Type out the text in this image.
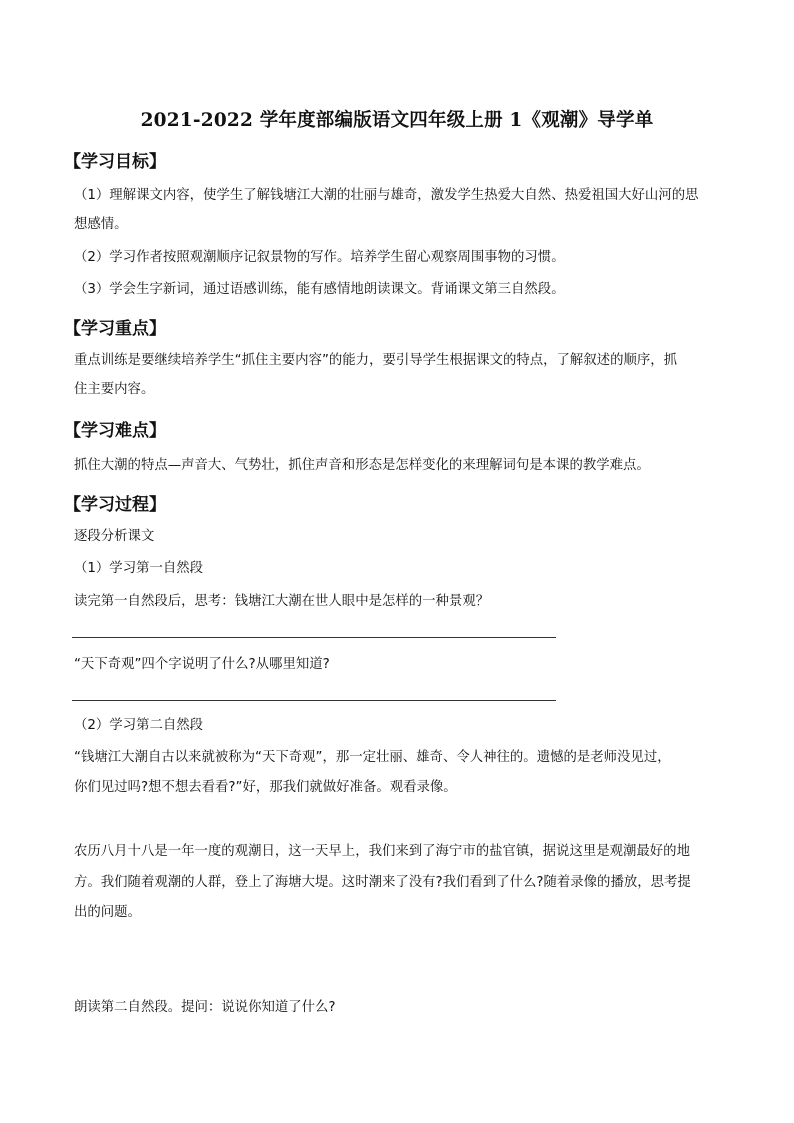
2021-2022 学年度部编版语文四年级上册 1《观潮》导学单
【学习目标】
（1）理解课文内容，使学生了解钱塘江大潮的壮丽与雄奇，激发学生热爱大自然、热爱祖国大好山河的思
想感情。
（2）学习作者按照观潮顺序记叙景物的写作。培养学生留心观察周围事物的习惯。
（3）学会生字新词，通过语感训练，能有感情地朗读课文。背诵课文第三自然段。
【学习重点】
重点训练是要继续培养学生“抓住主要内容”的能力，要引导学生根据课文的特点，了解叙述的顺序，抓
住主要内容。
【学习难点】
抓住大潮的特点—声音大、气势壮，抓住声音和形态是怎样变化的来理解词句是本课的教学难点。
【学习过程】
逐段分析课文
（1）学习第一自然段
读完第一自然段后，思考：钱塘江大潮在世人眼中是怎样的一种景观？
“天下奇观”四个字说明了什么?从哪里知道?
（2）学习第二自然段
“钱塘江大潮自古以来就被称为“天下奇观”，那一定壮丽、雄奇、令人神往的。遗憾的是老师没见过，
你们见过吗?想不想去看看?”好，那我们就做好准备。观看录像。
农历八月十八是一年一度的观潮日，这一天早上，我们来到了海宁市的盐官镇，据说这里是观潮最好的地
方。我们随着观潮的人群，登上了海塘大堤。这时潮来了没有?我们看到了什么?随着录像的播放，思考提
出的问题。
朗读第二自然段。提问：说说你知道了什么?
